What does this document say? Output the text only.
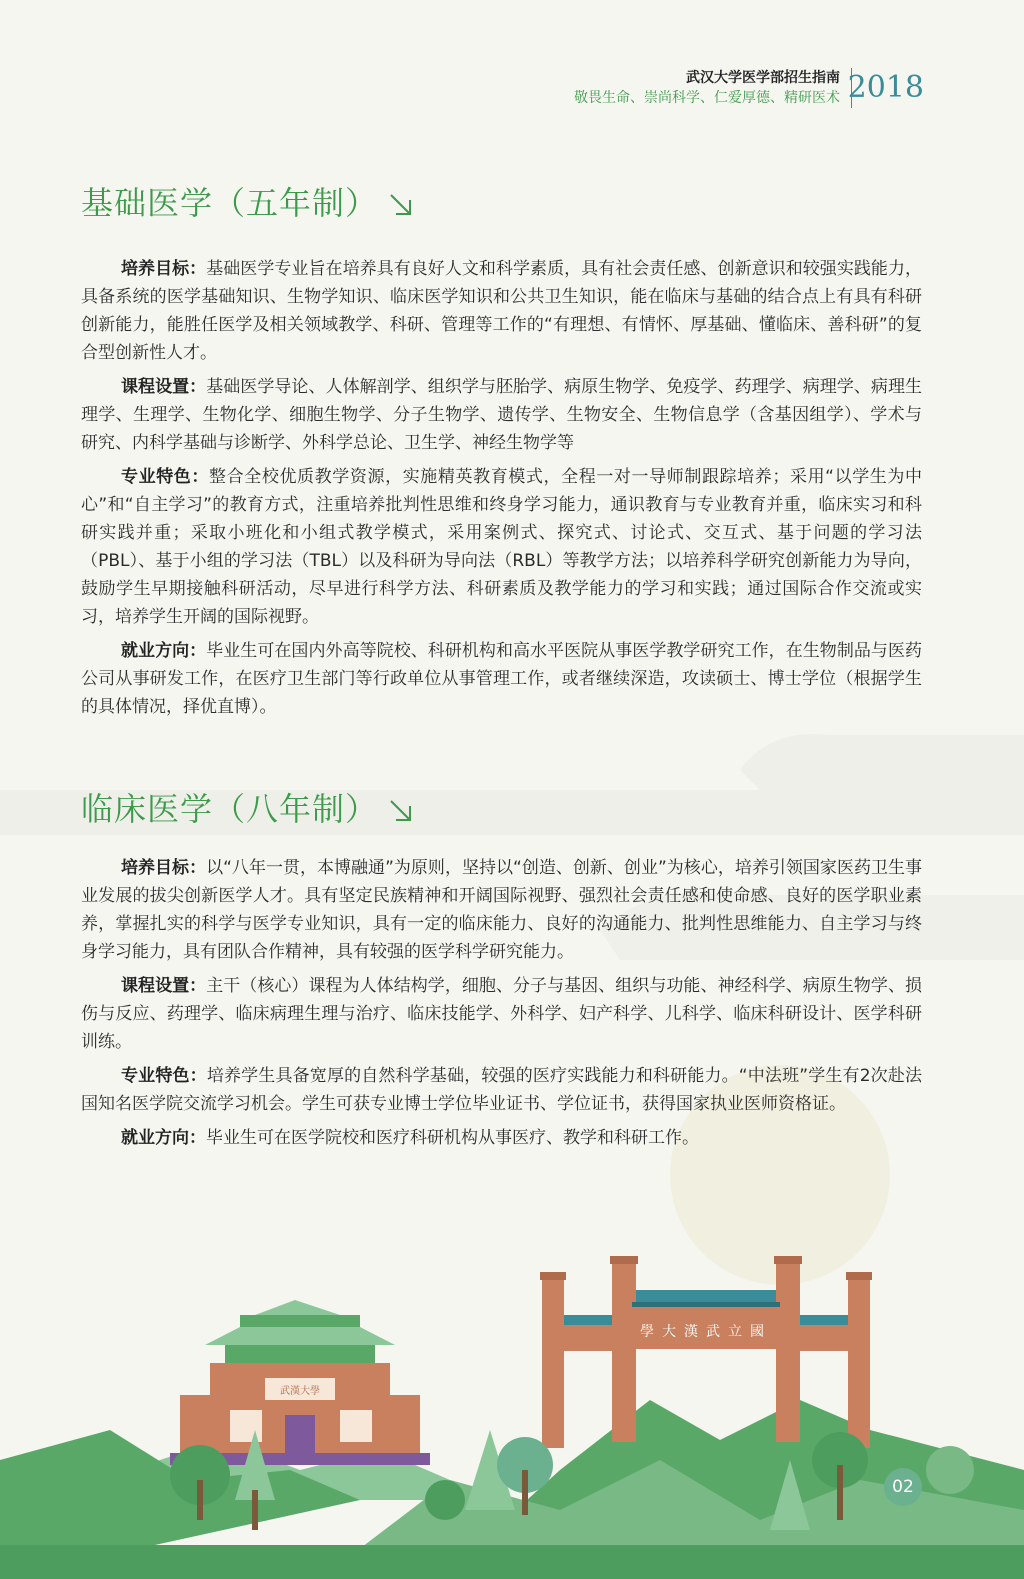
學大漢武立國
武漢大學
武汉大学医学部招生指南
敬畏生命、崇尚科学、仁爱厚德、精研医术 2018
基础医学（五年制）

培养目标：基础医学专业旨在培养具有良好人文和科学素质，具有社会责任感、创新意识和较强实践能力，具备系统的医学基础知识、生物学知识、临床医学知识和公共卫生知识，能在临床与基础的结合点上有具有科研创新能力，能胜任医学及相关领域教学、科研、管理等工作的“有理想、有情怀、厚基础、懂临床、善科研”的复合型创新性人才。

课程设置：基础医学导论、人体解剖学、组织学与胚胎学、病原生物学、免疫学、药理学、病理学、病理生理学、生理学、生物化学、细胞生物学、分子生物学、遗传学、生物安全、生物信息学（含基因组学）、学术与研究、内科学基础与诊断学、外科学总论、卫生学、神经生物学等

专业特色：整合全校优质教学资源，实施精英教育模式，全程一对一导师制跟踪培养；采用“以学生为中心”和“自主学习”的教育方式，注重培养批判性思维和终身学习能力，通识教育与专业教育并重，临床实习和科研实践并重；采取小班化和小组式教学模式，采用案例式、探究式、讨论式、交互式、基于问题的学习法（PBL）、基于小组的学习法（TBL）以及科研为导向法（RBL）等教学方法；以培养科学研究创新能力为导向，鼓励学生早期接触科研活动，尽早进行科学方法、科研素质及教学能力的学习和实践；通过国际合作交流或实习，培养学生开阔的国际视野。

就业方向：毕业生可在国内外高等院校、科研机构和高水平医院从事医学教学研究工作，在生物制品与医药公司从事研发工作，在医疗卫生部门等行政单位从事管理工作，或者继续深造，攻读硕士、博士学位（根据学生的具体情况，择优直博）。

临床医学（八年制）

培养目标：以“八年一贯，本博融通”为原则，坚持以“创造、创新、创业”为核心，培养引领国家医药卫生事业发展的拔尖创新医学人才。具有坚定民族精神和开阔国际视野、强烈社会责任感和使命感、良好的医学职业素养，掌握扎实的科学与医学专业知识，具有一定的临床能力、良好的沟通能力、批判性思维能力、自主学习与终身学习能力，具有团队合作精神，具有较强的医学科学研究能力。

课程设置：主干（核心）课程为人体结构学，细胞、分子与基因、组织与功能、神经科学、病原生物学、损伤与反应、药理学、临床病理生理与治疗、临床技能学、外科学、妇产科学、儿科学、临床科研设计、医学科研训练。

专业特色：培养学生具备宽厚的自然科学基础，较强的医疗实践能力和科研能力。“中法班”学生有2次赴法国知名医学院交流学习机会。学生可获专业博士学位毕业证书、学位证书，获得国家执业医师资格证。

就业方向：毕业生可在医学院校和医疗科研机构从事医疗、教学和科研工作。

02
